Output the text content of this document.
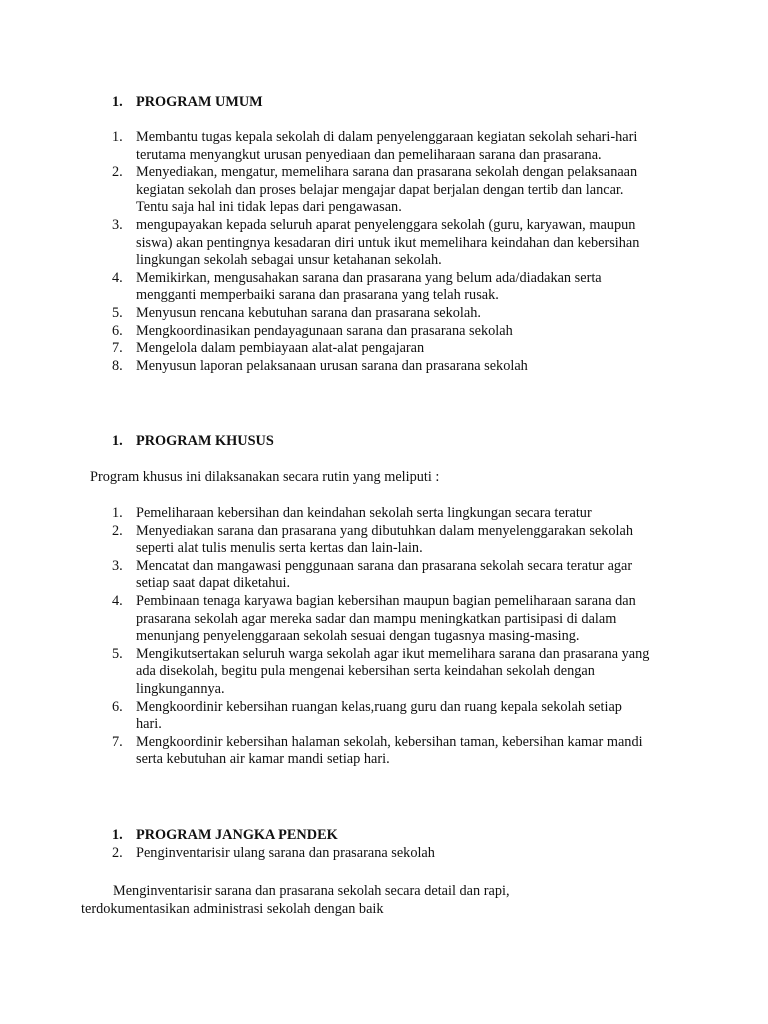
1. PROGRAM UMUM
1. Membantu tugas kepala sekolah di dalam penyelenggaraan kegiatan sekolah sehari-hari
terutama menyangkut urusan penyediaan dan pemeliharaan sarana dan prasarana.
2. Menyediakan, mengatur, memelihara sarana dan prasarana sekolah dengan pelaksanaan
kegiatan sekolah dan proses belajar mengajar dapat berjalan dengan tertib dan lancar.
Tentu saja hal ini tidak lepas dari pengawasan.
3. mengupayakan kepada seluruh aparat penyelenggara sekolah (guru, karyawan, maupun
siswa) akan pentingnya kesadaran diri untuk ikut memelihara keindahan dan kebersihan
lingkungan sekolah sebagai unsur ketahanan sekolah.
4. Memikirkan, mengusahakan sarana dan prasarana yang belum ada/diadakan serta
mengganti memperbaiki sarana dan prasarana yang telah rusak.
5. Menyusun rencana kebutuhan sarana dan prasarana sekolah.
6. Mengkoordinasikan pendayagunaan sarana dan prasarana sekolah
7. Mengelola dalam pembiayaan alat-alat pengajaran
8. Menyusun laporan pelaksanaan urusan sarana dan prasarana sekolah
1. PROGRAM KHUSUS
Program khusus ini dilaksanakan secara rutin yang meliputi :
1. Pemeliharaan kebersihan dan keindahan sekolah serta lingkungan secara teratur
2. Menyediakan sarana dan prasarana yang dibutuhkan dalam menyelenggarakan sekolah
seperti alat tulis menulis serta kertas dan lain-lain.
3. Mencatat dan mangawasi penggunaan sarana dan prasarana sekolah secara teratur agar
setiap saat dapat diketahui.
4. Pembinaan tenaga karyawa bagian kebersihan maupun bagian pemeliharaan sarana dan
prasarana sekolah agar mereka sadar dan mampu meningkatkan partisipasi di dalam
menunjang penyelenggaraan sekolah sesuai dengan tugasnya masing-masing.
5. Mengikutsertakan seluruh warga sekolah agar ikut memelihara sarana dan prasarana yang
ada disekolah, begitu pula mengenai kebersihan serta keindahan sekolah dengan
lingkungannya.
6. Mengkoordinir kebersihan ruangan kelas,ruang guru dan ruang kepala sekolah setiap
hari.
7. Mengkoordinir kebersihan halaman sekolah, kebersihan taman, kebersihan kamar mandi
serta kebutuhan air kamar mandi setiap hari.
1. PROGRAM JANGKA PENDEK
2. Penginventarisir ulang sarana dan prasarana sekolah
Menginventarisir sarana dan prasarana sekolah secara detail dan rapi,
terdokumentasikan administrasi sekolah dengan baik
